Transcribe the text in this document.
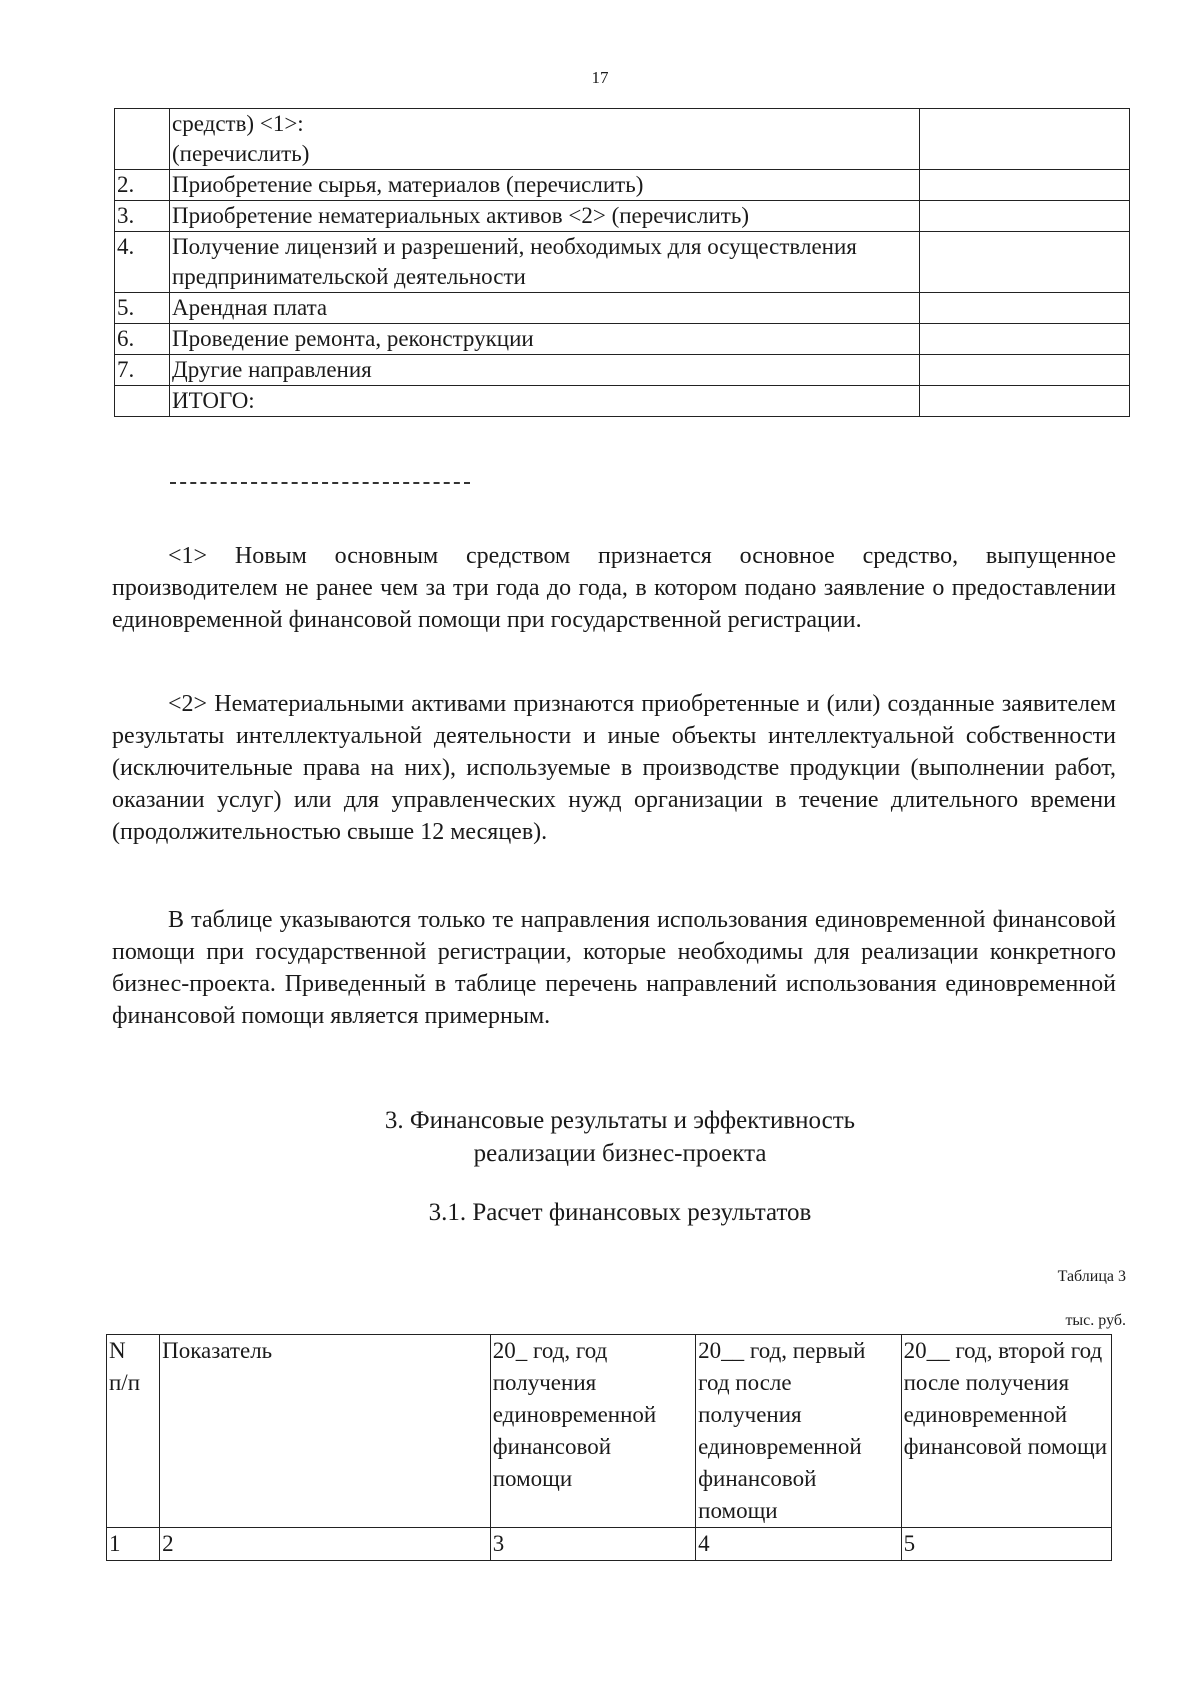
17
	средств) <1>:
(перечислить)	
2.	Приобретение сырья, материалов (перечислить)	
3.	Приобретение нематериальных активов <2> (перечислить)	
4.	Получение лицензий и разрешений, необходимых для осуществления предпринимательской деятельности	
5.	Арендная плата	
6.	Проведение ремонта, реконструкции	
7.	Другие направления	
	ИТОГО:	
<1> Новым основным средством признается основное средство, выпущенное производителем не ранее чем за три года до года, в котором подано заявление о предоставлении единовременной финансовой помощи при государственной регистрации.
<2> Нематериальными активами признаются приобретенные и (или) созданные заявителем результаты интеллектуальной деятельности и иные объекты интеллектуальной собственности (исключительные права на них), используемые в производстве продукции (выполнении работ, оказании услуг) или для управленческих нужд организации в течение длительного времени (продолжительностью свыше 12 месяцев).
В таблице указываются только те направления использования единовременной финансовой помощи при государственной регистрации, которые необходимы для реализации конкретного бизнес-проекта. Приведенный в таблице перечень направлений использования единовременной финансовой помощи является примерным.
3. Финансовые результаты и эффективность
реализации бизнес-проекта
3.1. Расчет финансовых результатов
Таблица 3
тыс. руб.
N
п/п	Показатель	20_ год, год получения единовременной финансовой помощи	20__ год, первый год после получения единовременной финансовой помощи	20__ год, второй год после получения единовременной финансовой помощи
1	2	3	4	5
